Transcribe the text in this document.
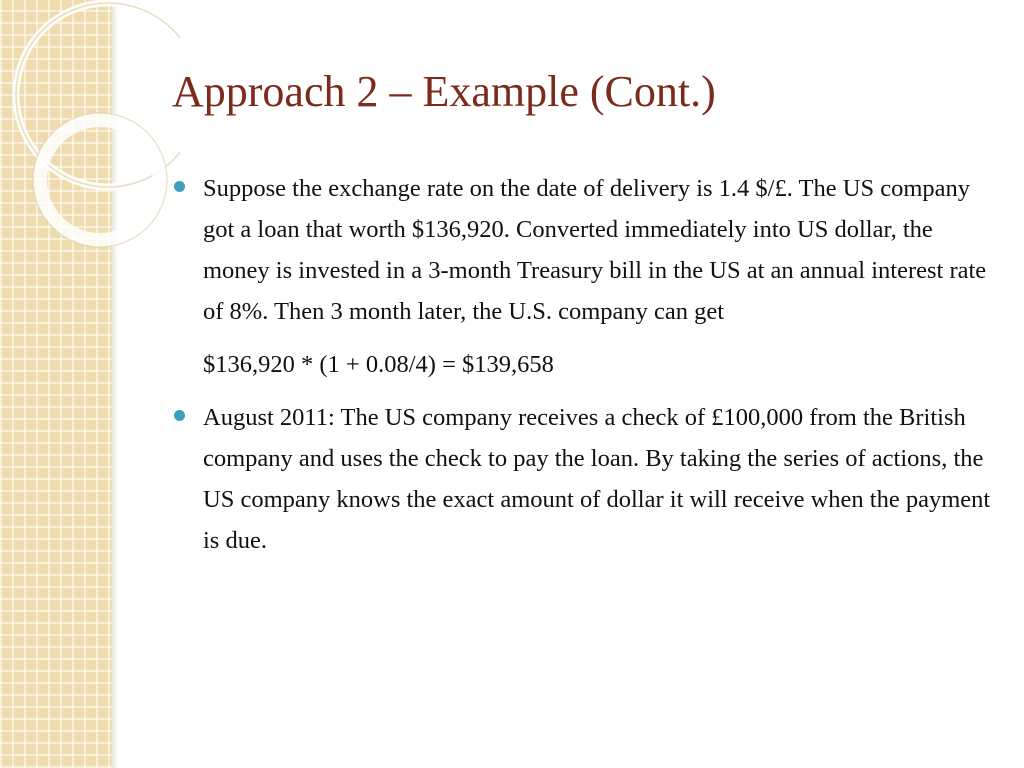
Approach 2 – Example (Cont.)

Suppose the exchange rate on the date of delivery is 1.4 $/£. The US company got a loan that worth $136,920. Converted immediately into US dollar, the money is invested in a 3-month Treasury bill in the US at an annual interest rate of 8%. Then 3 month later, the U.S. company can get

$136,920 * (1 + 0.08/4) = $139,658

August 2011: The US company receives a check of £100,000 from the British company and uses the check to pay the loan. By taking the series of actions, the US company knows the exact amount of dollar it will receive when the payment is due.
